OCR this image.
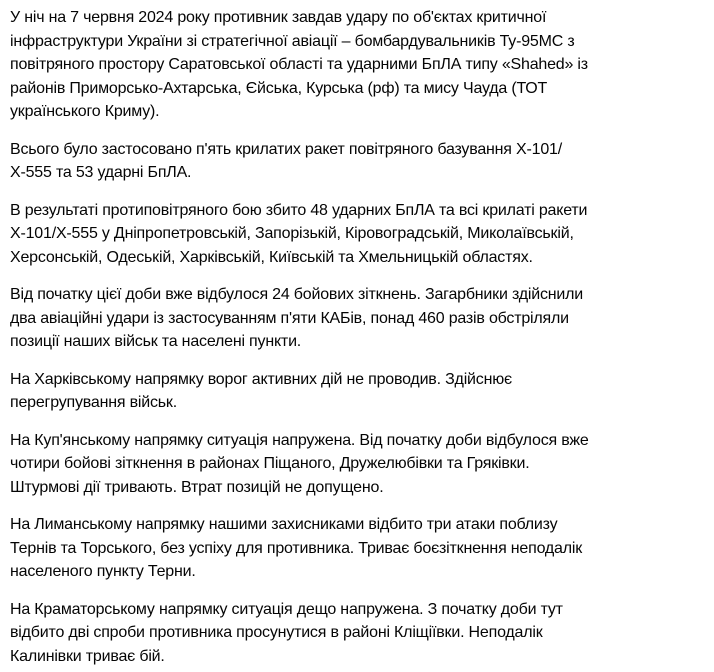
У ніч на 7 червня 2024 року противник завдав удару по об'єктах критичної
інфраструктури України зі стратегічної авіації – бомбардувальників Ту-95МС з
повітряного простору Саратовської області та ударними БпЛА типу «Shahed» із
районів Приморсько-Ахтарська, Єйська, Курська (рф) та мису Чауда (ТОТ
українського Криму).
Всього було застосовано п'ять крилатих ракет повітряного базування Х-101/
Х-555 та 53 ударні БпЛА.
В результаті протиповітряного бою збито 48 ударних БпЛА та всі крилаті ракети
Х-101/Х-555 у Дніпропетровській, Запорізькій, Кіровоградській, Миколаївській,
Херсонській, Одеській, Харківській, Київській та Хмельницькій областях.
Від початку цієї доби вже відбулося 24 бойових зіткнень. Загарбники здійснили
два авіаційні удари із застосуванням п'яти КАБів, понад 460 разів обстріляли
позиції наших військ та населені пункти.
На Харківському напрямку ворог активних дій не проводив. Здійснює
перегрупування військ.
На Куп'янському напрямку ситуація напружена. Від початку доби відбулося вже
чотири бойові зіткнення в районах Піщаного, Дружелюбівки та Гряківки.
Штурмові дії тривають. Втрат позицій не допущено.
На Лиманському напрямку нашими захисниками відбито три атаки поблизу
Тернів та Торського, без успіху для противника. Триває боєзіткнення неподалік
населеного пункту Терни.
На Краматорському напрямку ситуація дещо напружена. З початку доби тут
відбито дві спроби противника просунутися в районі Кліщіївки. Неподалік
Калинівки триває бій.
